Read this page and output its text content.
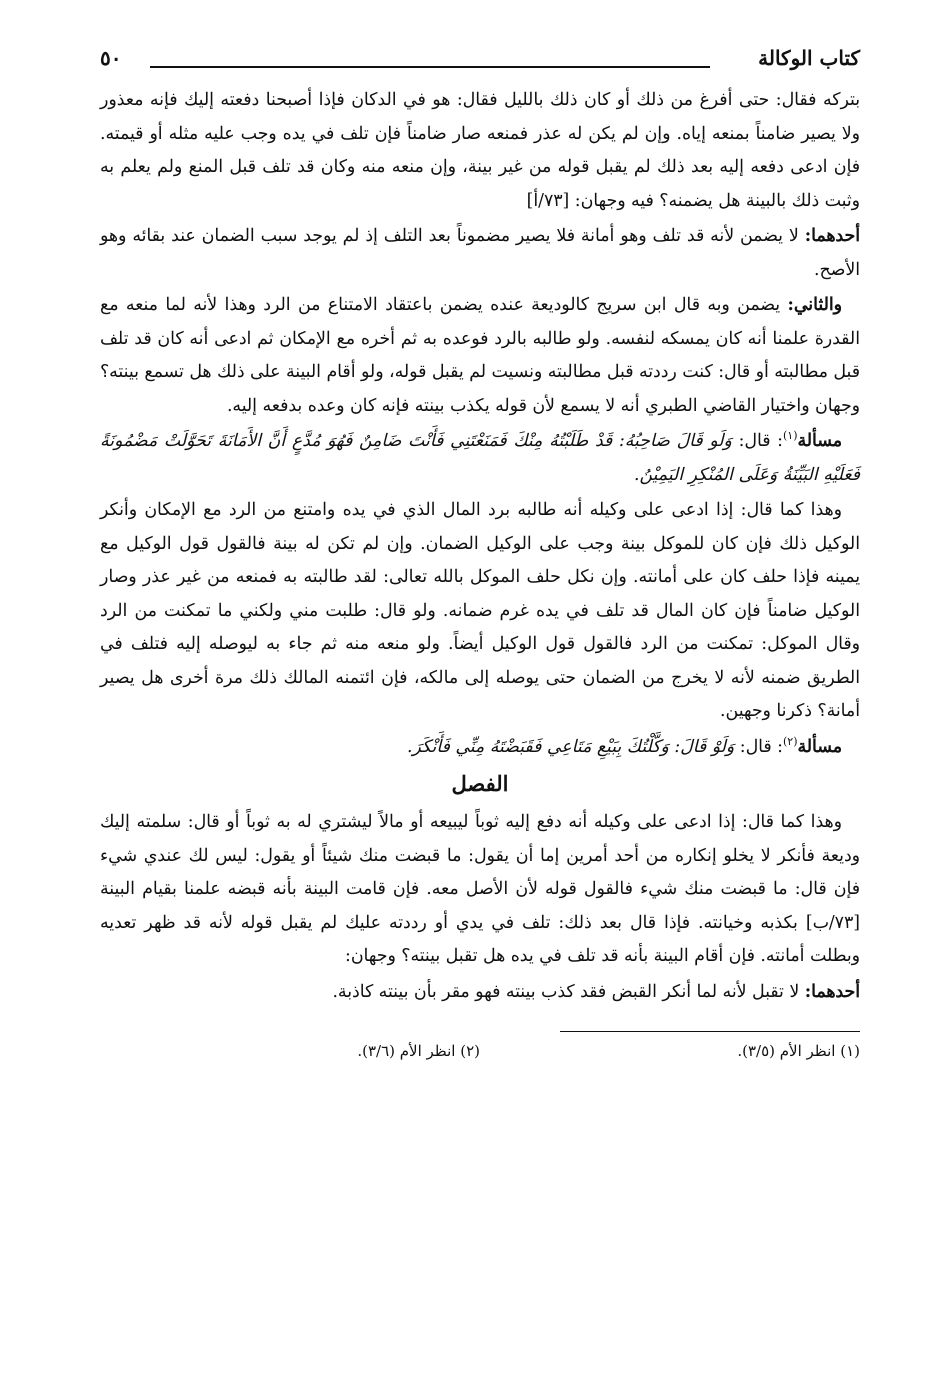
كتاب الوكالة
٥٠

بتركه فقال: حتى أفرغ من ذلك أو كان ذلك بالليل فقال: هو في الدكان فإذا أصبحنا دفعته إليك فإنه معذور ولا يصير ضامناً بمنعه إياه. وإن لم يكن له عذر فمنعه صار ضامناً فإن تلف في يده وجب عليه مثله أو قيمته. فإن ادعى دفعه إليه بعد ذلك لم يقبل قوله من غير بينة، وإن منعه منه وكان قد تلف قبل المنع ولم يعلم به وثبت ذلك بالبينة هل يضمنه؟ فيه وجهان: [٧٣/أ]

أحدهما: لا يضمن لأنه قد تلف وهو أمانة فلا يصير مضموناً بعد التلف إذ لم يوجد سبب الضمان عند بقائه وهو الأصح.

والثاني: يضمن وبه قال ابن سريج كالوديعة عنده يضمن باعتقاد الامتناع من الرد وهذا لأنه لما منعه مع القدرة علمنا أنه كان يمسكه لنفسه. ولو طالبه بالرد فوعده به ثم أخره مع الإمكان ثم ادعى أنه كان قد تلف قبل مطالبته أو قال: كنت رددته قبل مطالبته ونسيت لم يقبل قوله، ولو أقام البينة على ذلك هل تسمع بينته؟ وجهان واختيار القاضي الطبري أنه لا يسمع لأن قوله يكذب بينته فإنه كان وعده بدفعه إليه.

مسألة$^{(١)}$: قال: وَلَو قَالَ صَاحِبُهُ: قَدْ طَلَبْتُهُ مِنْكَ فَمَنَعْتَنِي فَأَنْتَ ضَامِنٌ فَهُوَ مُدَّعٍ أَنَّ الأَمَانَةَ تَحَوَّلَتْ مَضْمُونَةً فَعَلَيْهِ البَيِّنَةُ وَعَلَى المُنْكِرِ اليَمِيْنُ.

وهذا كما قال: إذا ادعى على وكيله أنه طالبه برد المال الذي في يده وامتنع من الرد مع الإمكان وأنكر الوكيل ذلك فإن كان للموكل بينة وجب على الوكيل الضمان. وإن لم تكن له بينة فالقول قول الوكيل مع يمينه فإذا حلف كان على أمانته. وإن نكل حلف الموكل بالله تعالى: لقد طالبته به فمنعه من غير عذر وصار الوكيل ضامناً فإن كان المال قد تلف في يده غرم ضمانه. ولو قال: طلبت مني ولكني ما تمكنت من الرد وقال الموكل: تمكنت من الرد فالقول قول الوكيل أيضاً. ولو منعه منه ثم جاء به ليوصله إليه فتلف في الطريق ضمنه لأنه لا يخرج من الضمان حتى يوصله إلى مالكه، فإن ائتمنه المالك ذلك مرة أخرى هل يصير أمانة؟ ذكرنا وجهين.

مسألة$^{(٢)}$: قال: وَلَوْ قَالَ: وَكَّلْتُكَ بِبَيْعِ مَتَاعِي فَقَبَضْتَهُ مِنِّي فَأَنْكَرَ.

الفصل

وهذا كما قال: إذا ادعى على وكيله أنه دفع إليه ثوباً ليبيعه أو مالاً ليشتري له به ثوباً أو قال: سلمته إليك وديعة فأنكر لا يخلو إنكاره من أحد أمرين إما أن يقول: ما قبضت منك شيئاً أو يقول: ليس لك عندي شيء فإن قال: ما قبضت منك شيء فالقول قوله لأن الأصل معه. فإن قامت البينة بأنه قبضه علمنا بقيام البينة [٧٣/ب] بكذبه وخيانته. فإذا قال بعد ذلك: تلف في يدي أو رددته عليك لم يقبل قوله لأنه قد ظهر تعديه وبطلت أمانته. فإن أقام البينة بأنه قد تلف في يده هل تقبل بينته؟ وجهان:

أحدهما: لا تقبل لأنه لما أنكر القبض فقد كذب بينته فهو مقر بأن بينته كاذبة.

(١) انظر الأم (٣/٥).
(٢) انظر الأم (٣/٦).
